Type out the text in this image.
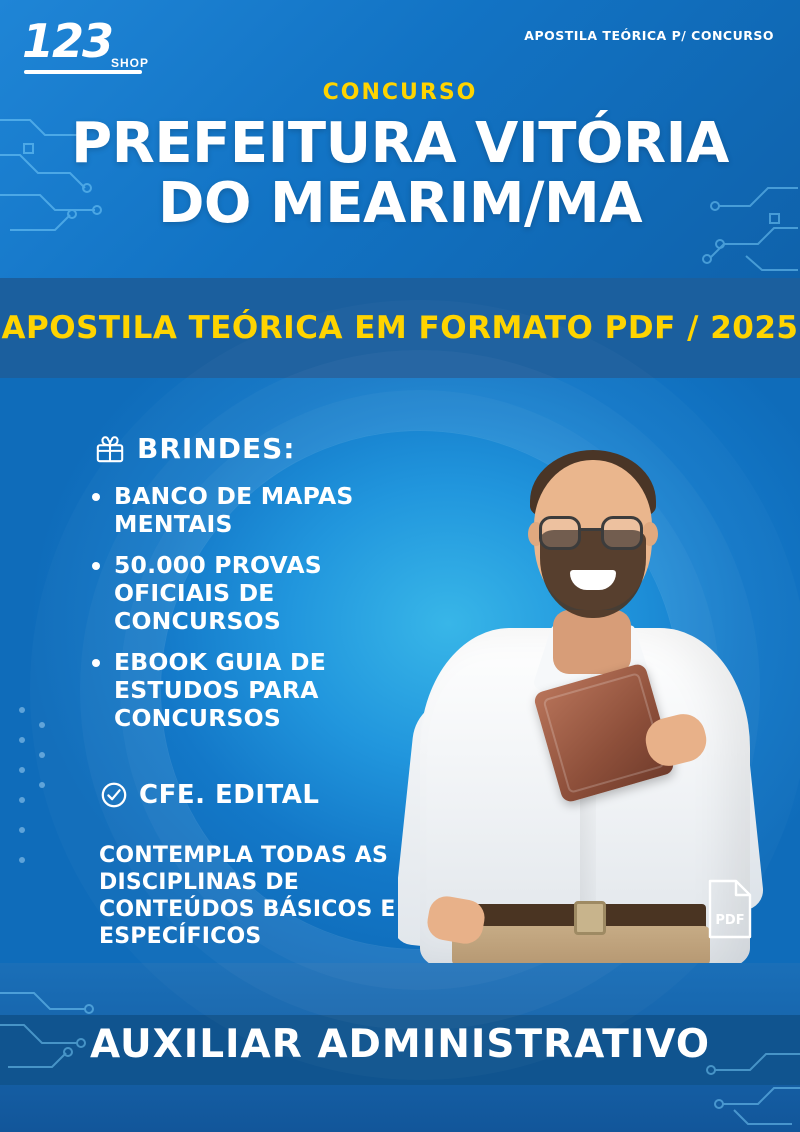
123
SHOP
APOSTILA TEÓRICA P/ CONCURSO
CONCURSO
PREFEITURA VITÓRIA
DO MEARIM/MA
APOSTILA TEÓRICA EM FORMATO PDF / 2025
BRINDES:
BANCO DE MAPAS MENTAIS
50.000 PROVAS OFICIAIS DE CONCURSOS
EBOOK GUIA DE ESTUDOS PARA CONCURSOS
CFE. EDITAL
CONTEMPLA TODAS AS DISCIPLINAS DE CONTEÚDOS BÁSICOS E ESPECÍFICOS
PDF
AUXILIAR ADMINISTRATIVO
